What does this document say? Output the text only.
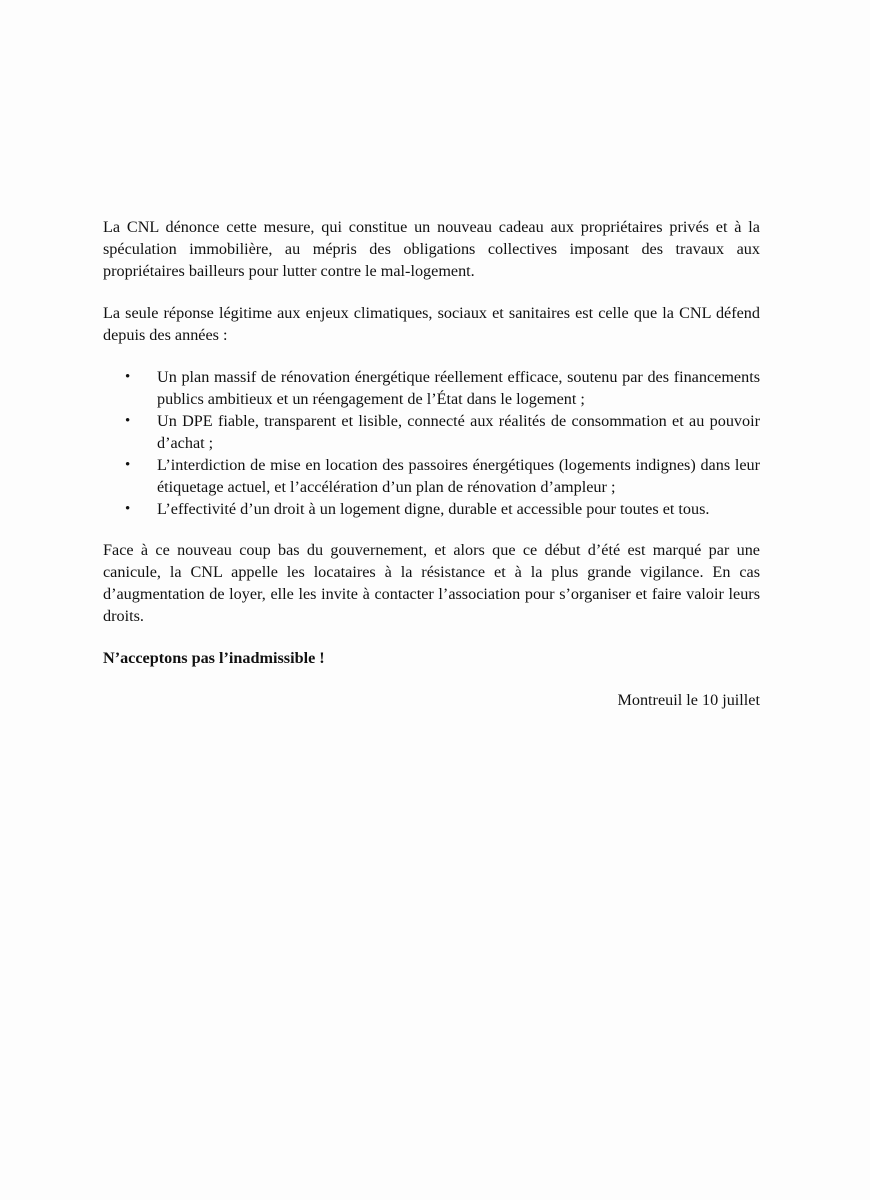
La CNL dénonce cette mesure, qui constitue un nouveau cadeau aux propriétaires privés et à la spéculation immobilière, au mépris des obligations collectives imposant des travaux aux propriétaires bailleurs pour lutter contre le mal-logement.

La seule réponse légitime aux enjeux climatiques, sociaux et sanitaires est celle que la CNL défend depuis des années :

• Un plan massif de rénovation énergétique réellement efficace, soutenu par des financements publics ambitieux et un réengagement de l’État dans le logement ;
• Un DPE fiable, transparent et lisible, connecté aux réalités de consommation et au pouvoir d’achat ;
• L’interdiction de mise en location des passoires énergétiques (logements indignes) dans leur étiquetage actuel, et l’accélération d’un plan de rénovation d’ampleur ;
• L’effectivité d’un droit à un logement digne, durable et accessible pour toutes et tous.

Face à ce nouveau coup bas du gouvernement, et alors que ce début d’été est marqué par une canicule, la CNL appelle les locataires à la résistance et à la plus grande vigilance. En cas d’augmentation de loyer, elle les invite à contacter l’association pour s’organiser et faire valoir leurs droits.

N’acceptons pas l’inadmissible !

Montreuil le 10 juillet
